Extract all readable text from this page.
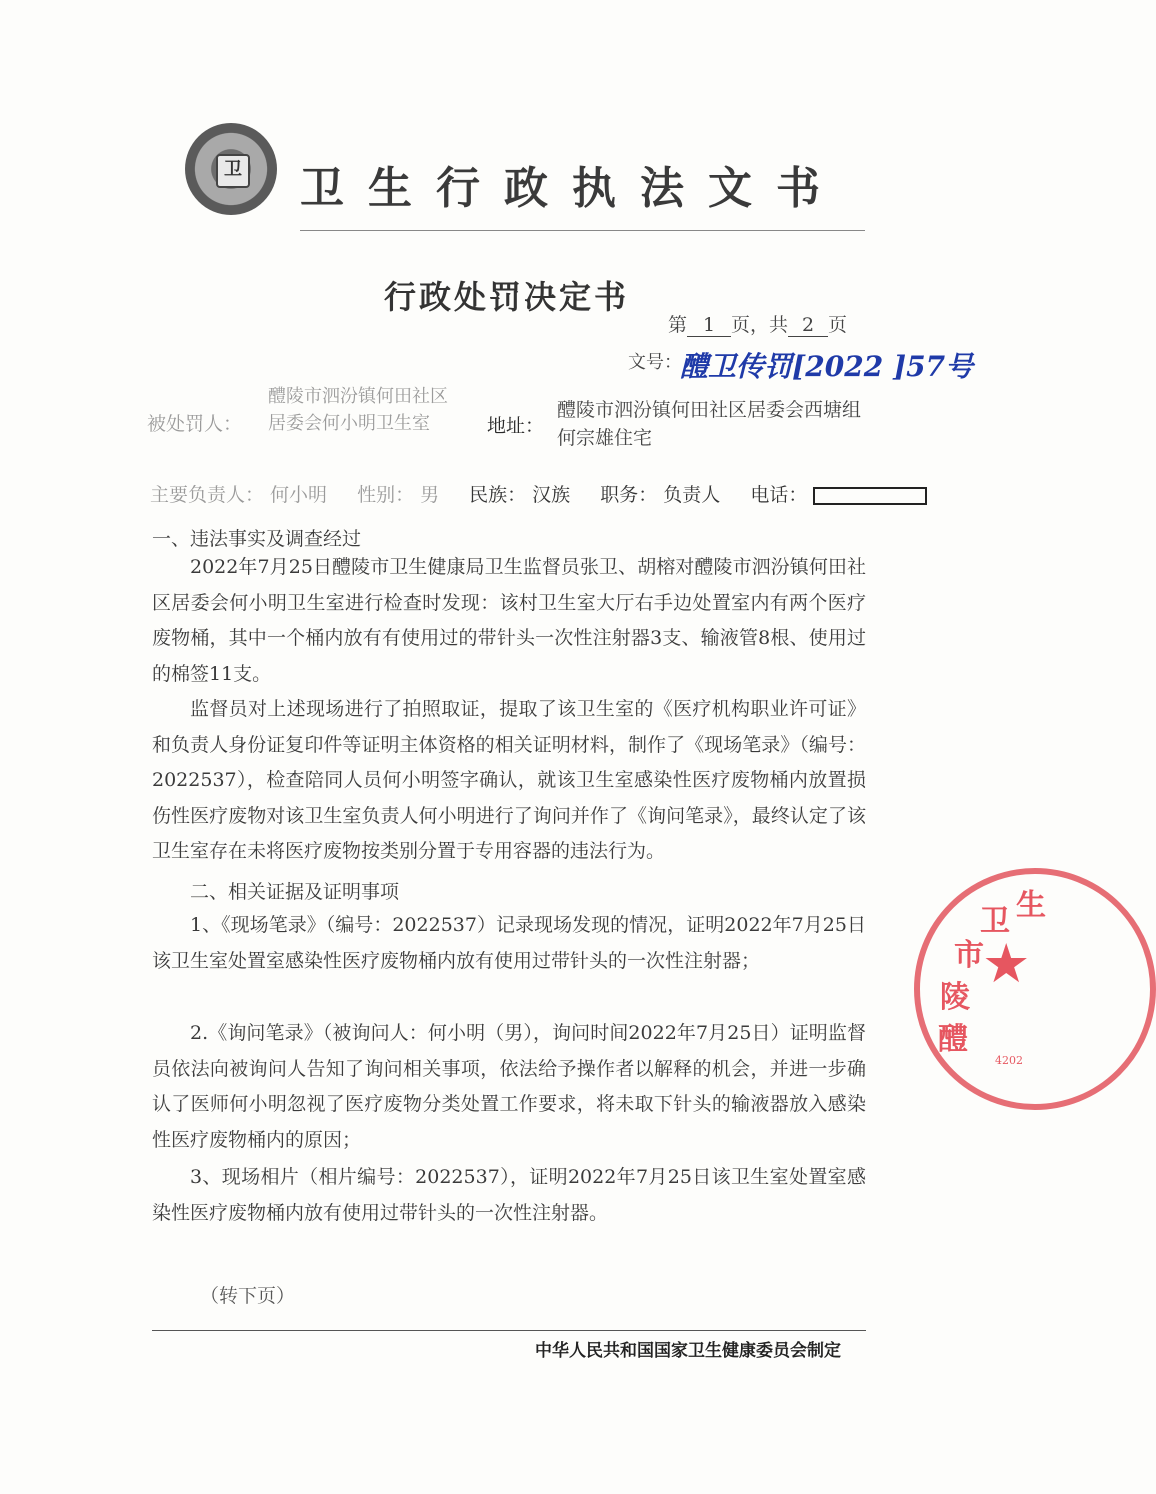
卫 卫生行政执法文书
行政处罚决定书
第 1 页，共 2 页
文号：
醴卫传罚[2022 ]57号
被处罚人：
醴陵市泗汾镇何田社区居委会何小明卫生室	地址：
醴陵市泗汾镇何田社区居委会西塘组何宗雄住宅
主要负责人： 何小明 性别： 男 民族： 汉族 职务： 负责人 电话：
一、违法事实及调查经过
2022年7月25日醴陵市卫生健康局卫生监督员张卫、胡榕对醴陵市泗汾镇何田社区居委会何小明卫生室进行检查时发现：该村卫生室大厅右手边处置室内有两个医疗废物桶，其中一个桶内放有有使用过的带针头一次性注射器3支、输液管8根、使用过的棉签11支。
监督员对上述现场进行了拍照取证，提取了该卫生室的《医疗机构职业许可证》和负责人身份证复印件等证明主体资格的相关证明材料，制作了《现场笔录》（编号：2022537），检查陪同人员何小明签字确认，就该卫生室感染性医疗废物桶内放置损伤性医疗废物对该卫生室负责人何小明进行了询问并作了《询问笔录》，最终认定了该卫生室存在未将医疗废物按类别分置于专用容器的违法行为。
二、相关证据及证明事项
1、《现场笔录》（编号：2022537）记录现场发现的情况，证明2022年7月25日该卫生室处置室感染性医疗废物桶内放有使用过带针头的一次性注射器；
2.《询问笔录》（被询问人：何小明（男），询问时间2022年7月25日）证明监督员依法向被询问人告知了询问相关事项，依法给予操作者以解释的机会，并进一步确认了医师何小明忽视了医疗废物分类处置工作要求，将未取下针头的输液器放入感染性医疗废物桶内的原因；
3、现场相片（相片编号：2022537），证明2022年7月25日该卫生室处置室感染性医疗废物桶内放有使用过带针头的一次性注射器。
（转下页）
中华人民共和国国家卫生健康委员会制定
★
醴
陵
市
卫 生
4202
